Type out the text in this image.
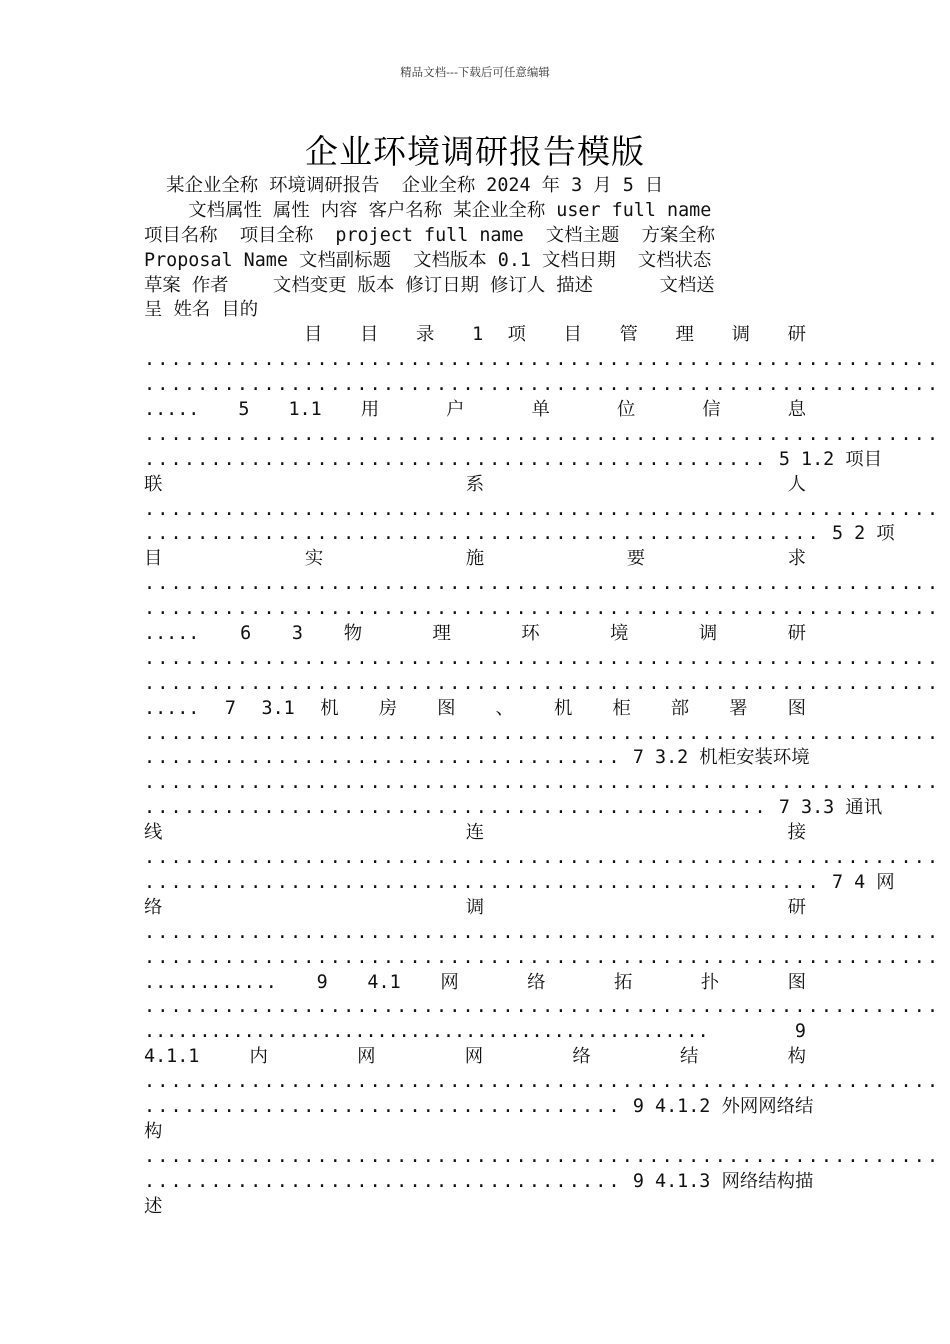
精品文档---下载后可任意编辑
企业环境调研报告模版
某企业全称 环境调研报告  企业全称 2024 年 3 月 5 日
文档属性 属性 内容 客户名称 某企业全称 user full name
项目名称  项目全称  project full name  文档主题  方案全称
Proposal Name 文档副标题  文档版本 0.1 文档日期  文档状态
草案 作者    文档变更 版本 修订日期 修订人 描述      文档送
呈 姓名 目的
目 目 录 1 项 目 管 理 调 研
............................................................
............................................................
..... 5 1.1 用 户 单 位 信 息
............................................................
............................................... 5 1.2 项目
联 系 人
............................................................
................................................... 5 2 项
目 实 施 要 求
............................................................
............................................................
..... 6 3 物 理 环 境 调 研
............................................................
............................................................
..... 7 3.1 机 房 图 、 机 柜 部 署 图
............................................................
.................................... 7 3.2 机柜安装环境
............................................................
............................................... 7 3.3 通讯
线 连 接
............................................................
................................................... 7 4 网
络 调 研
............................................................
............................................................
............ 9 4.1 网 络 拓 扑 图
............................................................
................................................... 9
4.1.1 内 网 网 络 结 构
............................................................
.................................... 9 4.1.2 外网网络结
构
............................................................
.................................... 9 4.1.3 网络结构描
述
